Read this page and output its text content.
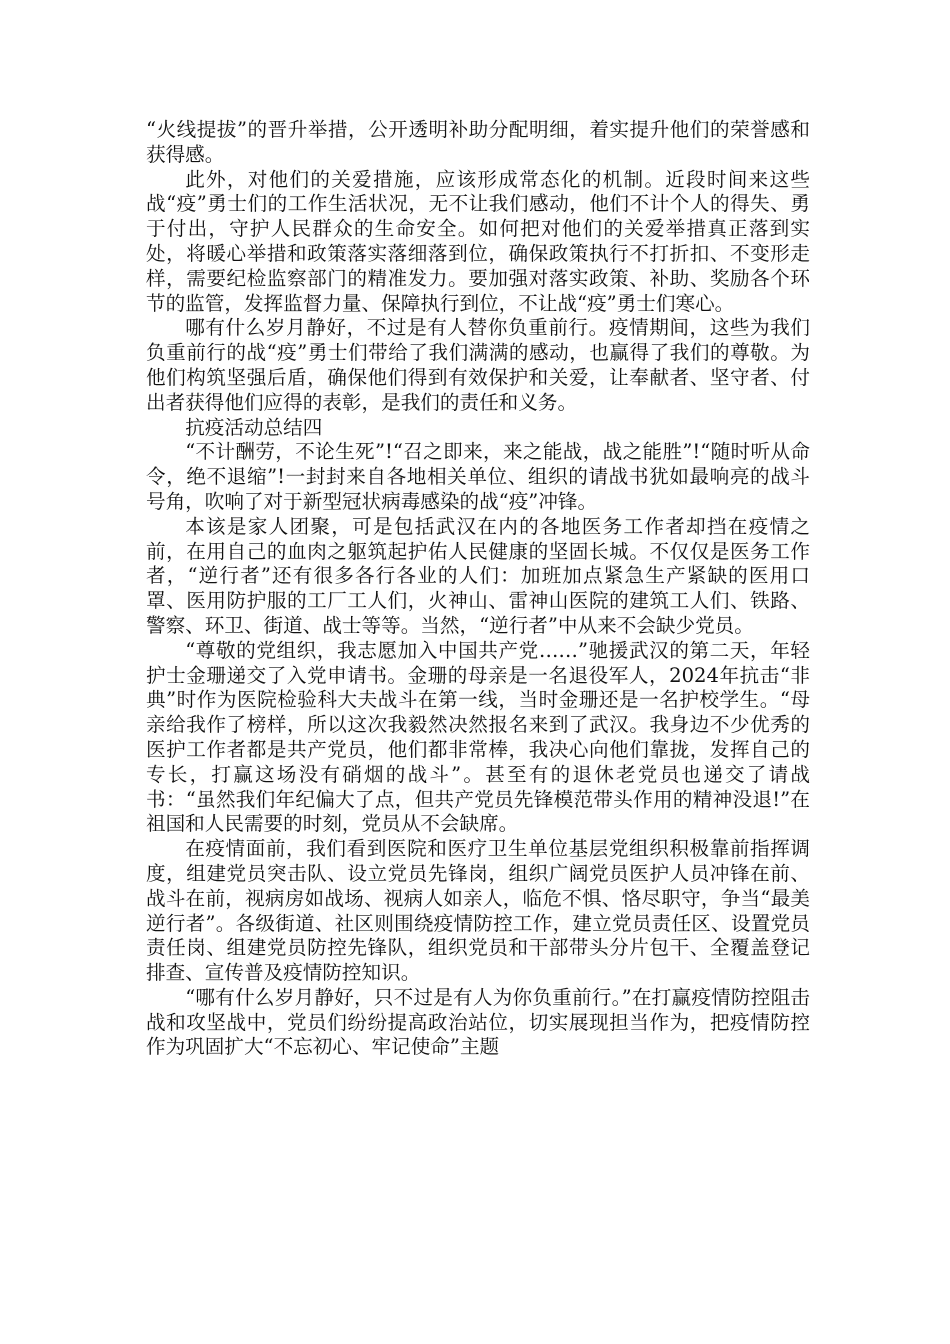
“火线提拔”的晋升举措，公开透明补助分配明细，着实提升他们的荣誉感和获得感。

此外，对他们的关爱措施，应该形成常态化的机制。近段时间来这些战“疫”勇士们的工作生活状况，无不让我们感动，他们不计个人的得失、勇于付出，守护人民群众的生命安全。如何把对他们的关爱举措真正落到实处，将暖心举措和政策落实落细落到位，确保政策执行不打折扣、不变形走样，需要纪检监察部门的精准发力。要加强对落实政策、补助、奖励各个环节的监管，发挥监督力量、保障执行到位，不让战“疫”勇士们寒心。

哪有什么岁月静好，不过是有人替你负重前行。疫情期间，这些为我们负重前行的战“疫”勇士们带给了我们满满的感动，也赢得了我们的尊敬。为他们构筑坚强后盾，确保他们得到有效保护和关爱，让奉献者、坚守者、付出者获得他们应得的表彰，是我们的责任和义务。

抗疫活动总结四

“不计酬劳，不论生死”!“召之即来，来之能战，战之能胜”!“随时听从命令，绝不退缩”!一封封来自各地相关单位、组织的请战书犹如最响亮的战斗号角，吹响了对于新型冠状病毒感染的战“疫”冲锋。

本该是家人团聚，可是包括武汉在内的各地医务工作者却挡在疫情之前，在用自己的血肉之躯筑起护佑人民健康的坚固长城。不仅仅是医务工作者，“逆行者”还有很多各行各业的人们：加班加点紧急生产紧缺的医用口罩、医用防护服的工厂工人们，火神山、雷神山医院的建筑工人们、铁路、警察、环卫、街道、战士等等。当然，“逆行者”中从来不会缺少党员。

“尊敬的党组织，我志愿加入中国共产党……”驰援武汉的第二天，年轻护士金珊递交了入党申请书。金珊的母亲是一名退役军人，2024年抗击“非典”时作为医院检验科大夫战斗在第一线，当时金珊还是一名护校学生。“母亲给我作了榜样，所以这次我毅然决然报名来到了武汉。我身边不少优秀的医护工作者都是共产党员，他们都非常棒，我决心向他们靠拢，发挥自己的专长，打赢这场没有硝烟的战斗”。甚至有的退休老党员也递交了请战书：“虽然我们年纪偏大了点，但共产党员先锋模范带头作用的精神没退!”在祖国和人民需要的时刻，党员从不会缺席。

在疫情面前，我们看到医院和医疗卫生单位基层党组织积极靠前指挥调度，组建党员突击队、设立党员先锋岗，组织广阔党员医护人员冲锋在前、战斗在前，视病房如战场、视病人如亲人，临危不惧、恪尽职守，争当“最美逆行者”。各级街道、社区则围绕疫情防控工作，建立党员责任区、设置党员责任岗、组建党员防控先锋队，组织党员和干部带头分片包干、全覆盖登记排查、宣传普及疫情防控知识。

“哪有什么岁月静好，只不过是有人为你负重前行。”在打赢疫情防控阻击战和攻坚战中，党员们纷纷提高政治站位，切实展现担当作为，把疫情防控作为巩固扩大“不忘初心、牢记使命”主题
